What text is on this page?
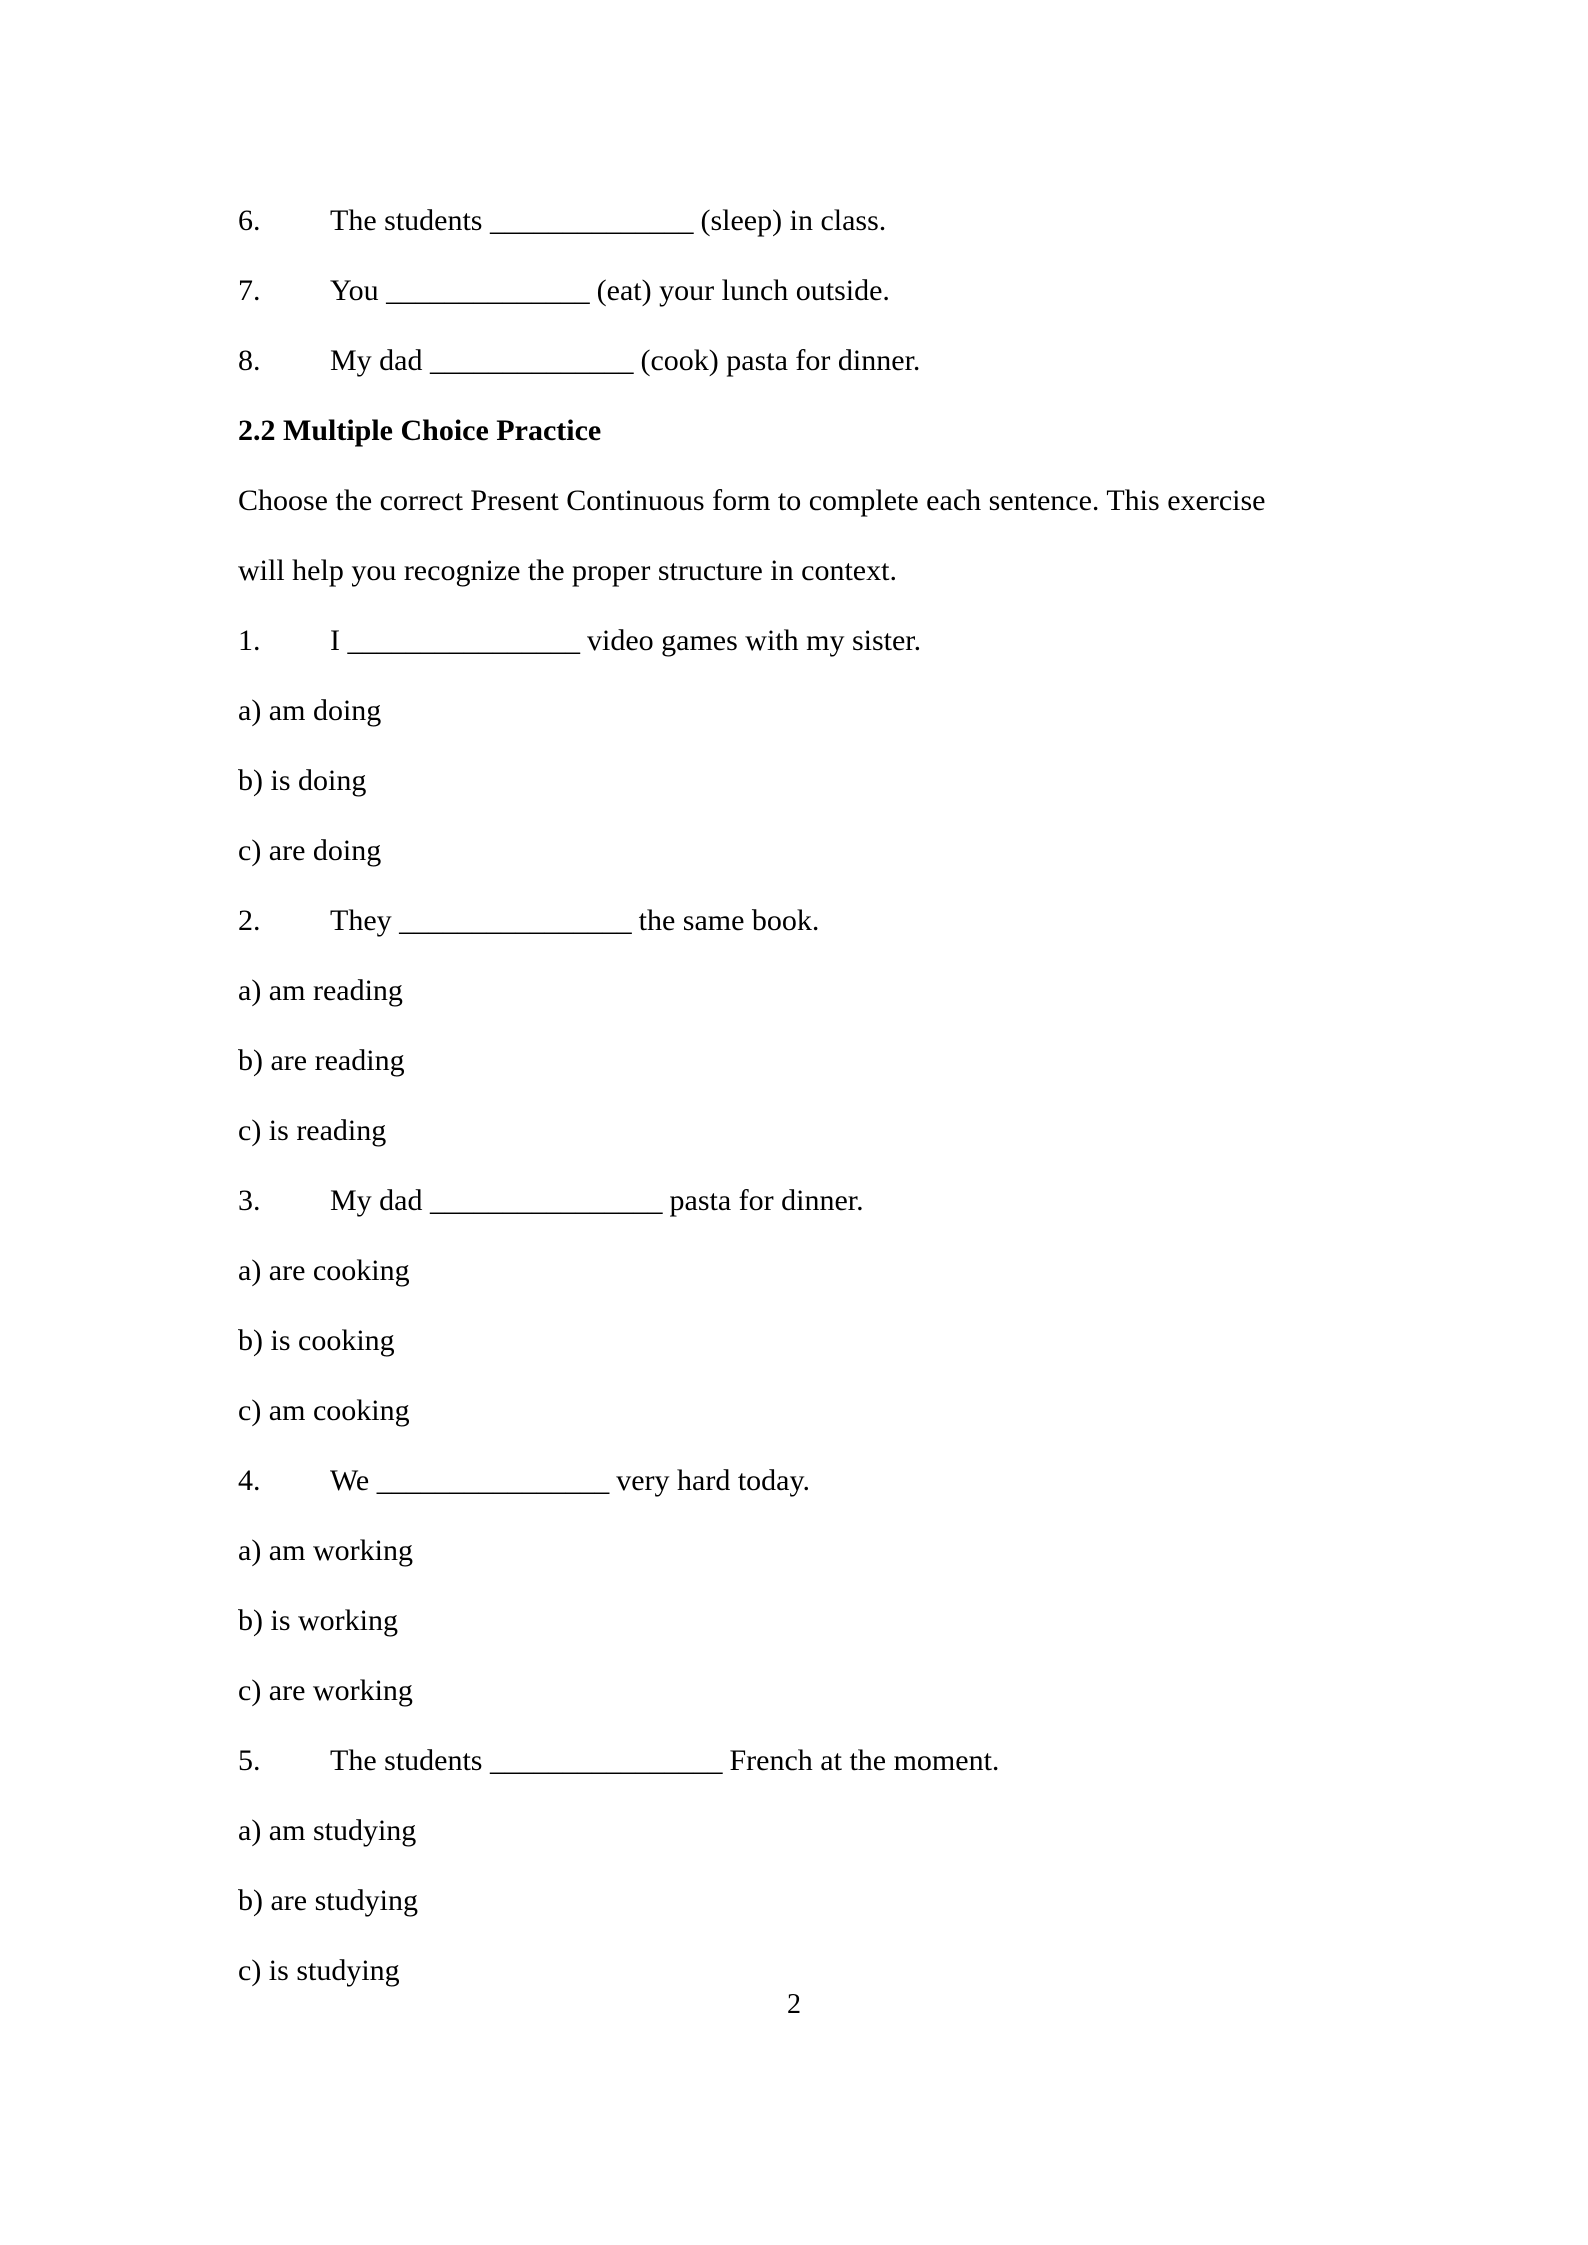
6.	The students ______________ (sleep) in class.
7.	You ______________ (eat) your lunch outside.
8.	My dad ______________ (cook) pasta for dinner.
2.2 Multiple Choice Practice
Choose the correct Present Continuous form to complete each sentence. This exercise will help you recognize the proper structure in context.
1.	I ________________ video games with my sister.
a) am doing
b) is doing
c) are doing
2.	They ________________ the same book.
a) am reading
b) are reading
c) is reading
3.	My dad ________________ pasta for dinner.
a) are cooking
b) is cooking
c) am cooking
4.	We ________________ very hard today.
a) am working
b) is working
c) are working
5.	The students ________________ French at the moment.
a) am studying
b) are studying
c) is studying
2
